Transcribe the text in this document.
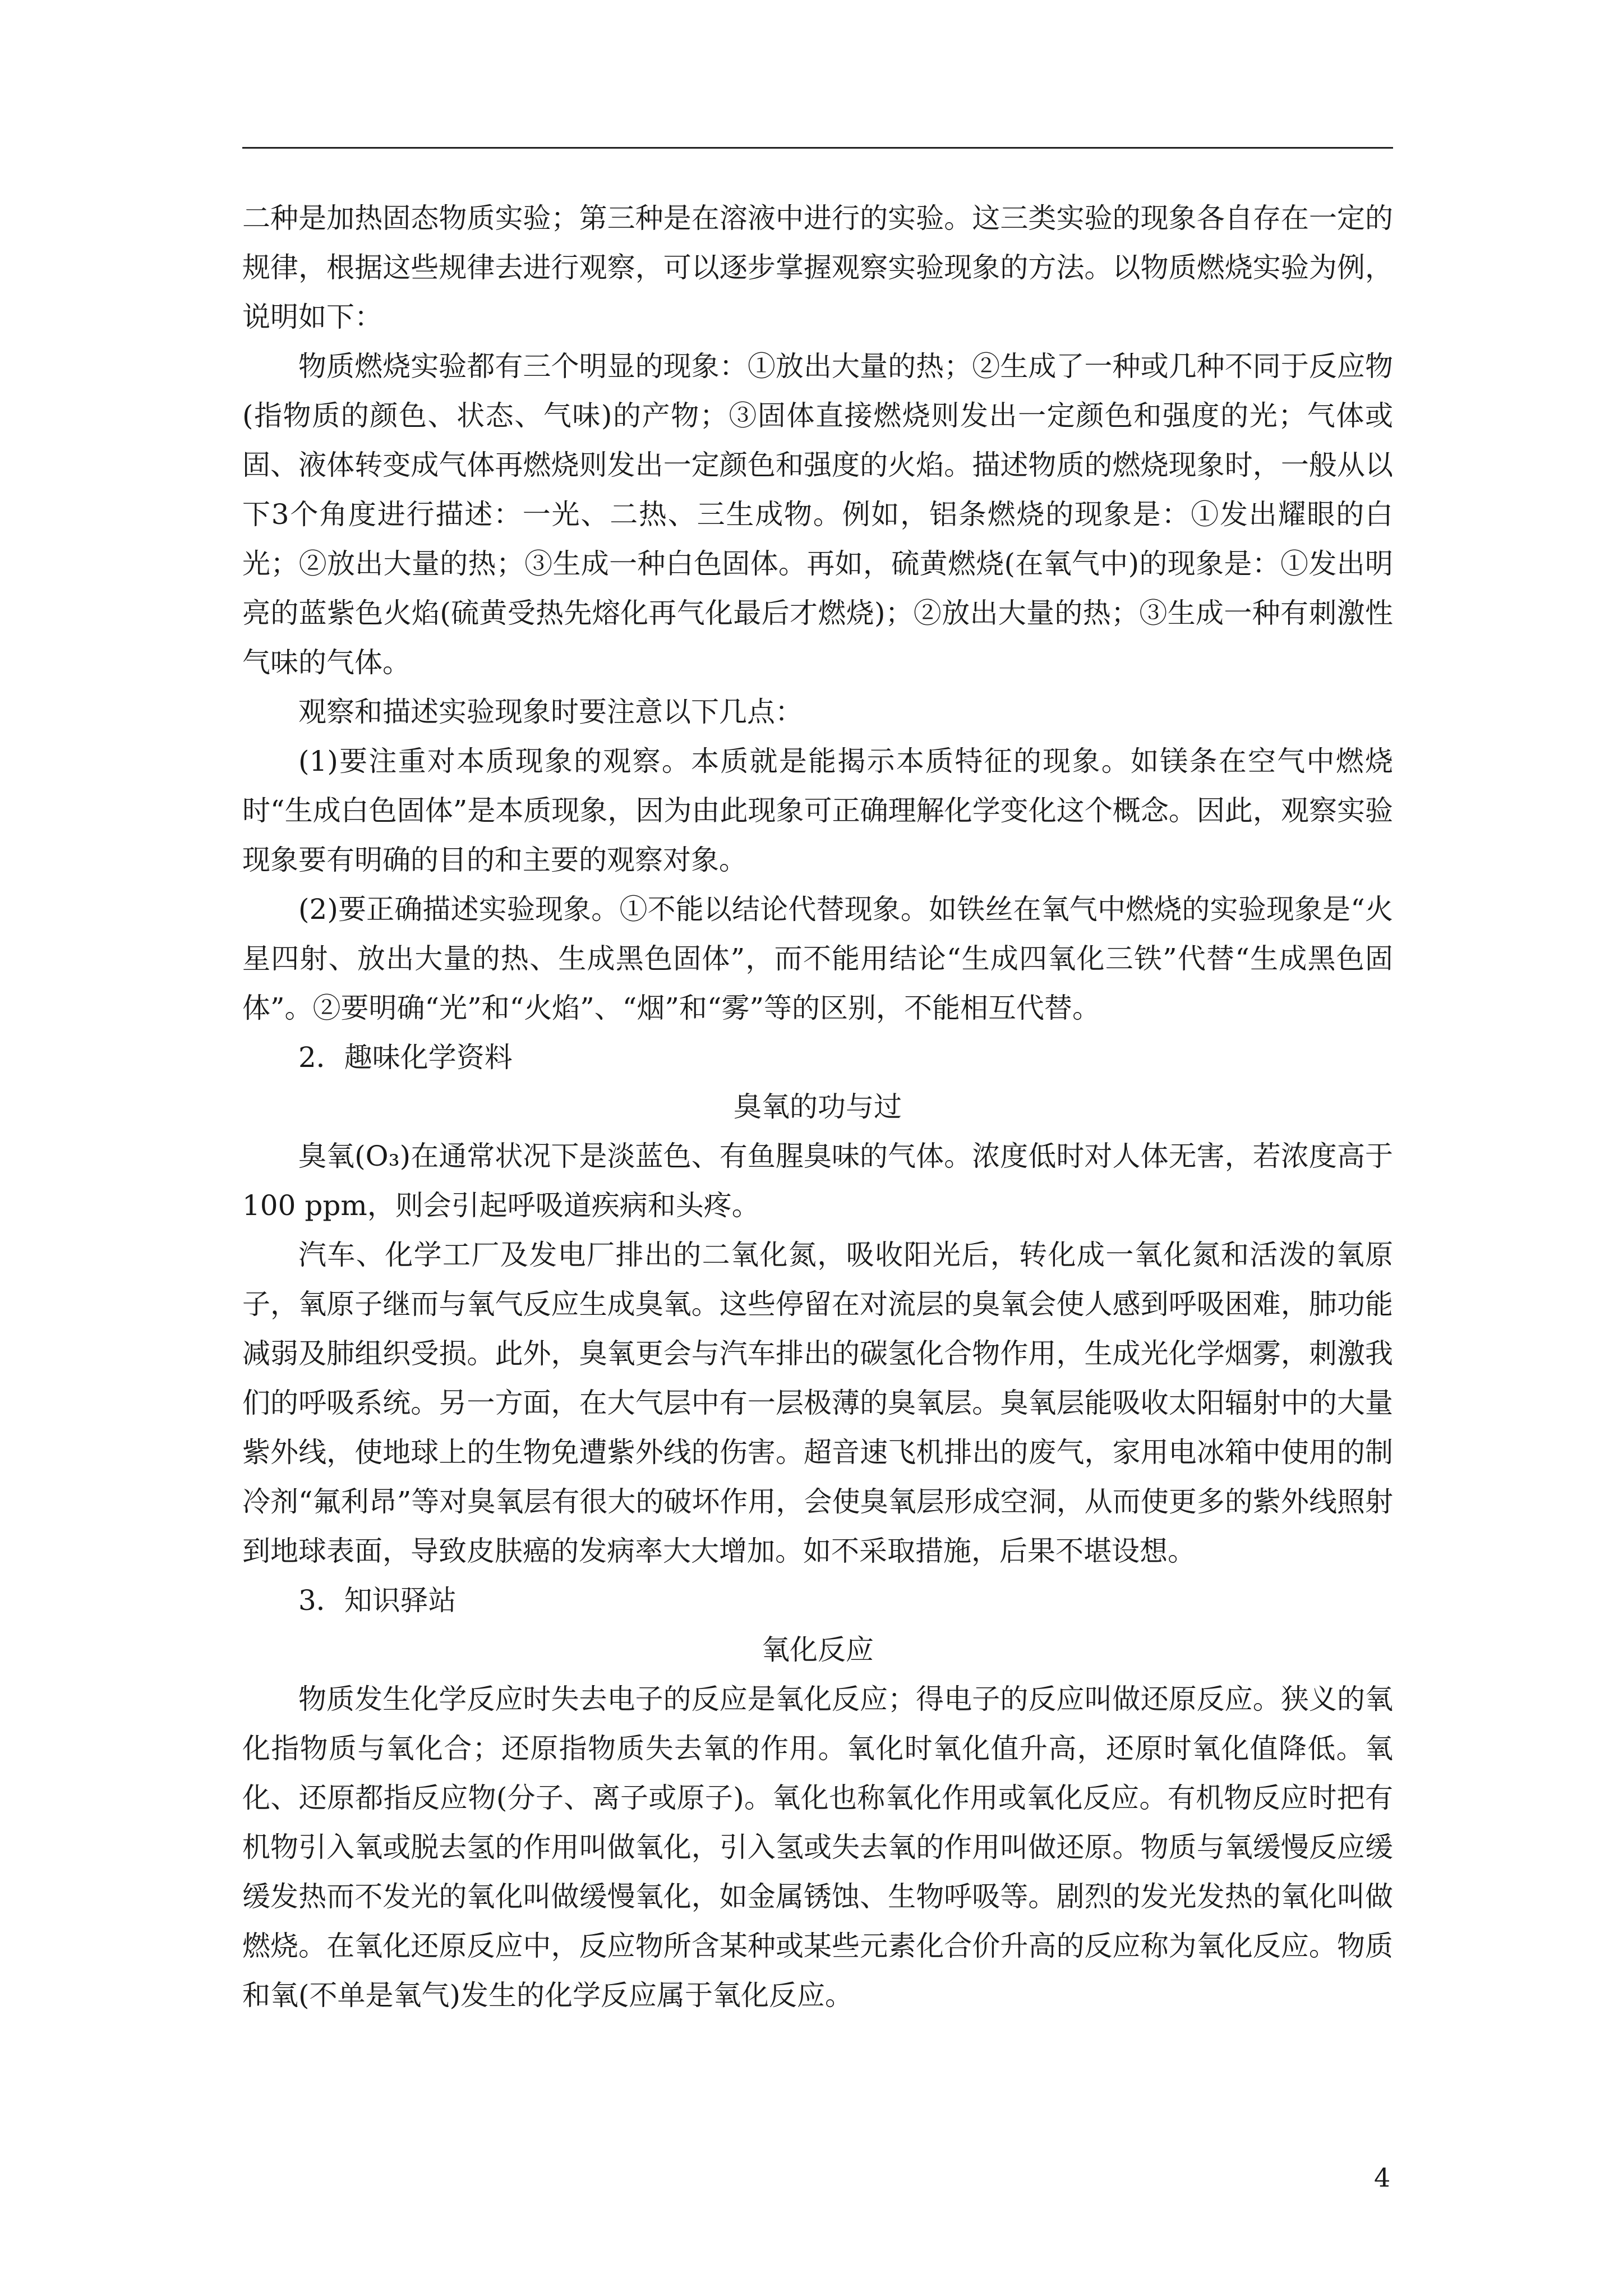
二种是加热固态物质实验；第三种是在溶液中进行的实验。这三类实验的现象各自存在一定的规律，根据这些规律去进行观察，可以逐步掌握观察实验现象的方法。以物质燃烧实验为例，说明如下：

物质燃烧实验都有三个明显的现象：①放出大量的热；②生成了一种或几种不同于反应物(指物质的颜色、状态、气味)的产物；③固体直接燃烧则发出一定颜色和强度的光；气体或固、液体转变成气体再燃烧则发出一定颜色和强度的火焰。描述物质的燃烧现象时，一般从以下3个角度进行描述：一光、二热、三生成物。例如，铝条燃烧的现象是：①发出耀眼的白光；②放出大量的热；③生成一种白色固体。再如，硫黄燃烧(在氧气中)的现象是：①发出明亮的蓝紫色火焰(硫黄受热先熔化再气化最后才燃烧)；②放出大量的热；③生成一种有刺激性气味的气体。

观察和描述实验现象时要注意以下几点：

(1)要注重对本质现象的观察。本质就是能揭示本质特征的现象。如镁条在空气中燃烧时“生成白色固体”是本质现象，因为由此现象可正确理解化学变化这个概念。因此，观察实验现象要有明确的目的和主要的观察对象。

(2)要正确描述实验现象。①不能以结论代替现象。如铁丝在氧气中燃烧的实验现象是“火星四射、放出大量的热、生成黑色固体”，而不能用结论“生成四氧化三铁”代替“生成黑色固体”。②要明确“光”和“火焰”、“烟”和“雾”等的区别，不能相互代替。

2．趣味化学资料

臭氧的功与过

臭氧(O₃)在通常状况下是淡蓝色、有鱼腥臭味的气体。浓度低时对人体无害，若浓度高于100 ppm，则会引起呼吸道疾病和头疼。

汽车、化学工厂及发电厂排出的二氧化氮，吸收阳光后，转化成一氧化氮和活泼的氧原子，氧原子继而与氧气反应生成臭氧。这些停留在对流层的臭氧会使人感到呼吸困难，肺功能减弱及肺组织受损。此外，臭氧更会与汽车排出的碳氢化合物作用，生成光化学烟雾，刺激我们的呼吸系统。另一方面，在大气层中有一层极薄的臭氧层。臭氧层能吸收太阳辐射中的大量紫外线，使地球上的生物免遭紫外线的伤害。超音速飞机排出的废气，家用电冰箱中使用的制冷剂“氟利昂”等对臭氧层有很大的破坏作用，会使臭氧层形成空洞，从而使更多的紫外线照射到地球表面，导致皮肤癌的发病率大大增加。如不采取措施，后果不堪设想。

3．知识驿站

氧化反应

物质发生化学反应时失去电子的反应是氧化反应；得电子的反应叫做还原反应。狭义的氧化指物质与氧化合；还原指物质失去氧的作用。氧化时氧化值升高，还原时氧化值降低。氧化、还原都指反应物(分子、离子或原子)。氧化也称氧化作用或氧化反应。有机物反应时把有机物引入氧或脱去氢的作用叫做氧化，引入氢或失去氧的作用叫做还原。物质与氧缓慢反应缓缓发热而不发光的氧化叫做缓慢氧化，如金属锈蚀、生物呼吸等。剧烈的发光发热的氧化叫做燃烧。在氧化还原反应中，反应物所含某种或某些元素化合价升高的反应称为氧化反应。物质和氧(不单是氧气)发生的化学反应属于氧化反应。

4
